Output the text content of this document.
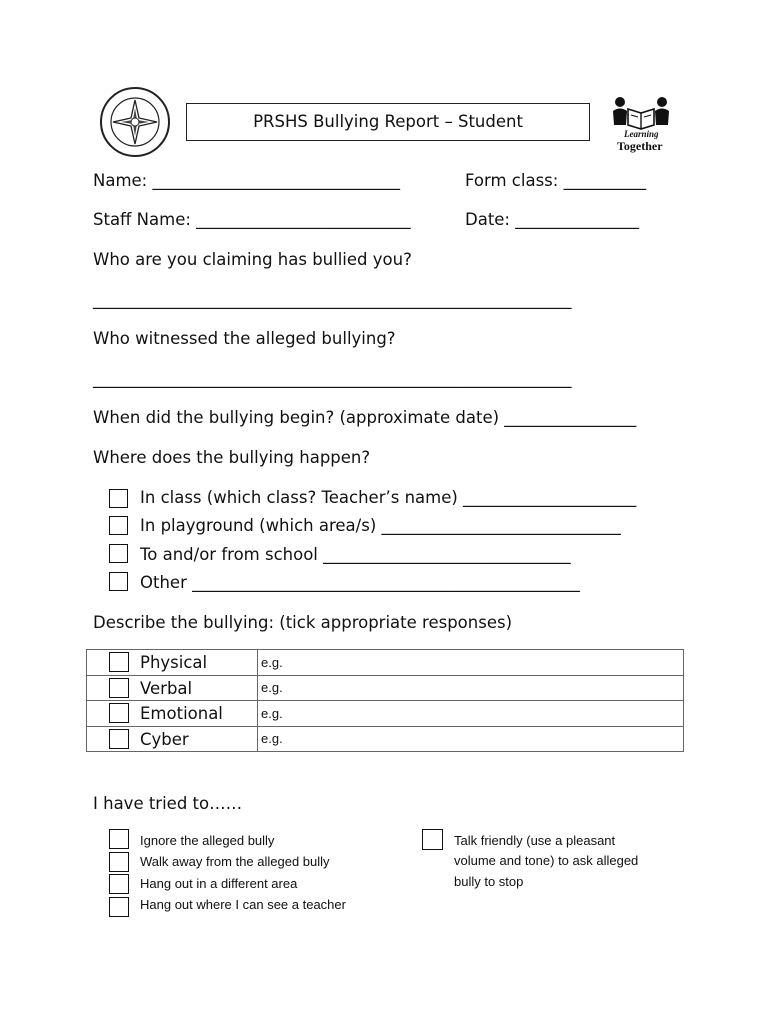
PRSHS Bullying Report – Student
Learning
Together
Name: ______________________________	Form class: __________
Staff Name: __________________________	Date: _______________
Who are you claiming has bullied you?
__________________________________________________________
Who witnessed the alleged bullying?
__________________________________________________________
When did the bullying begin? (approximate date) ________________
Where does the bullying happen?
In class (which class? Teacher’s name) _____________________
In playground (which area/s) _____________________________
To and/or from school ______________________________
Other _______________________________________________
Describe the bullying: (tick appropriate responses)
Physical	e.g.

Verbal	e.g.

Emotional	e.g.

Cyber	e.g.
I have tried to……
Ignore the alleged bully
Walk away from the alleged bully
Hang out in a different area
Hang out where I can see a teacher
Talk friendly (use a pleasant
volume and tone) to ask alleged
bully to stop
